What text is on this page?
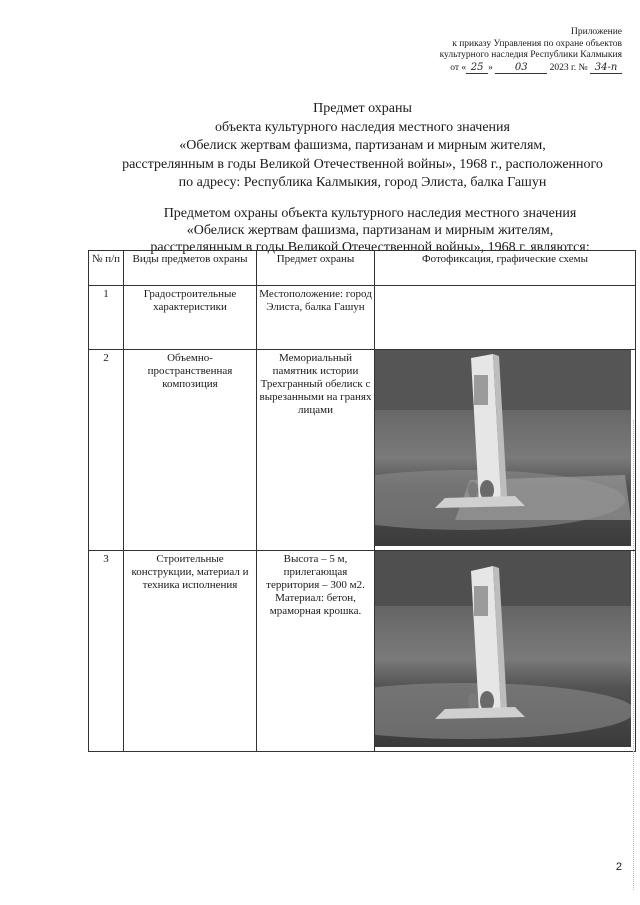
Приложение
к приказу Управления по охране объектов
культурного наследия Республики Калмыкия
от « 25 » 03 2023 г. № 34-п
Предмет охраны
объекта культурного наследия местного значения
«Обелиск жертвам фашизма, партизанам и мирным жителям,
расстрелянным в годы Великой Отечественной войны», 1968 г., расположенного
по адресу: Республика Калмыкия, город Элиста, балка Гашун
Предметом охраны объекта культурного наследия местного значения
«Обелиск жертвам фашизма, партизанам и мирным жителям,
расстрелянным в годы Великой Отечественной войны», 1968 г. являются:
№ п/п	Виды предметов охраны	Предмет охраны	Фотофиксация, графические схемы
1	Градостроительные характеристики	Местоположение: город Элиста, балка Гашун	
2	Объемно-пространственная композиция	Мемориальный памятник истории Трехгранный обелиск с вырезанными на гранях лицами	

3	Строительные конструкции, материал и техника исполнения	Высота – 5 м, прилегающая территория – 300 м2. Материал: бетон, мраморная крошка.	
2
